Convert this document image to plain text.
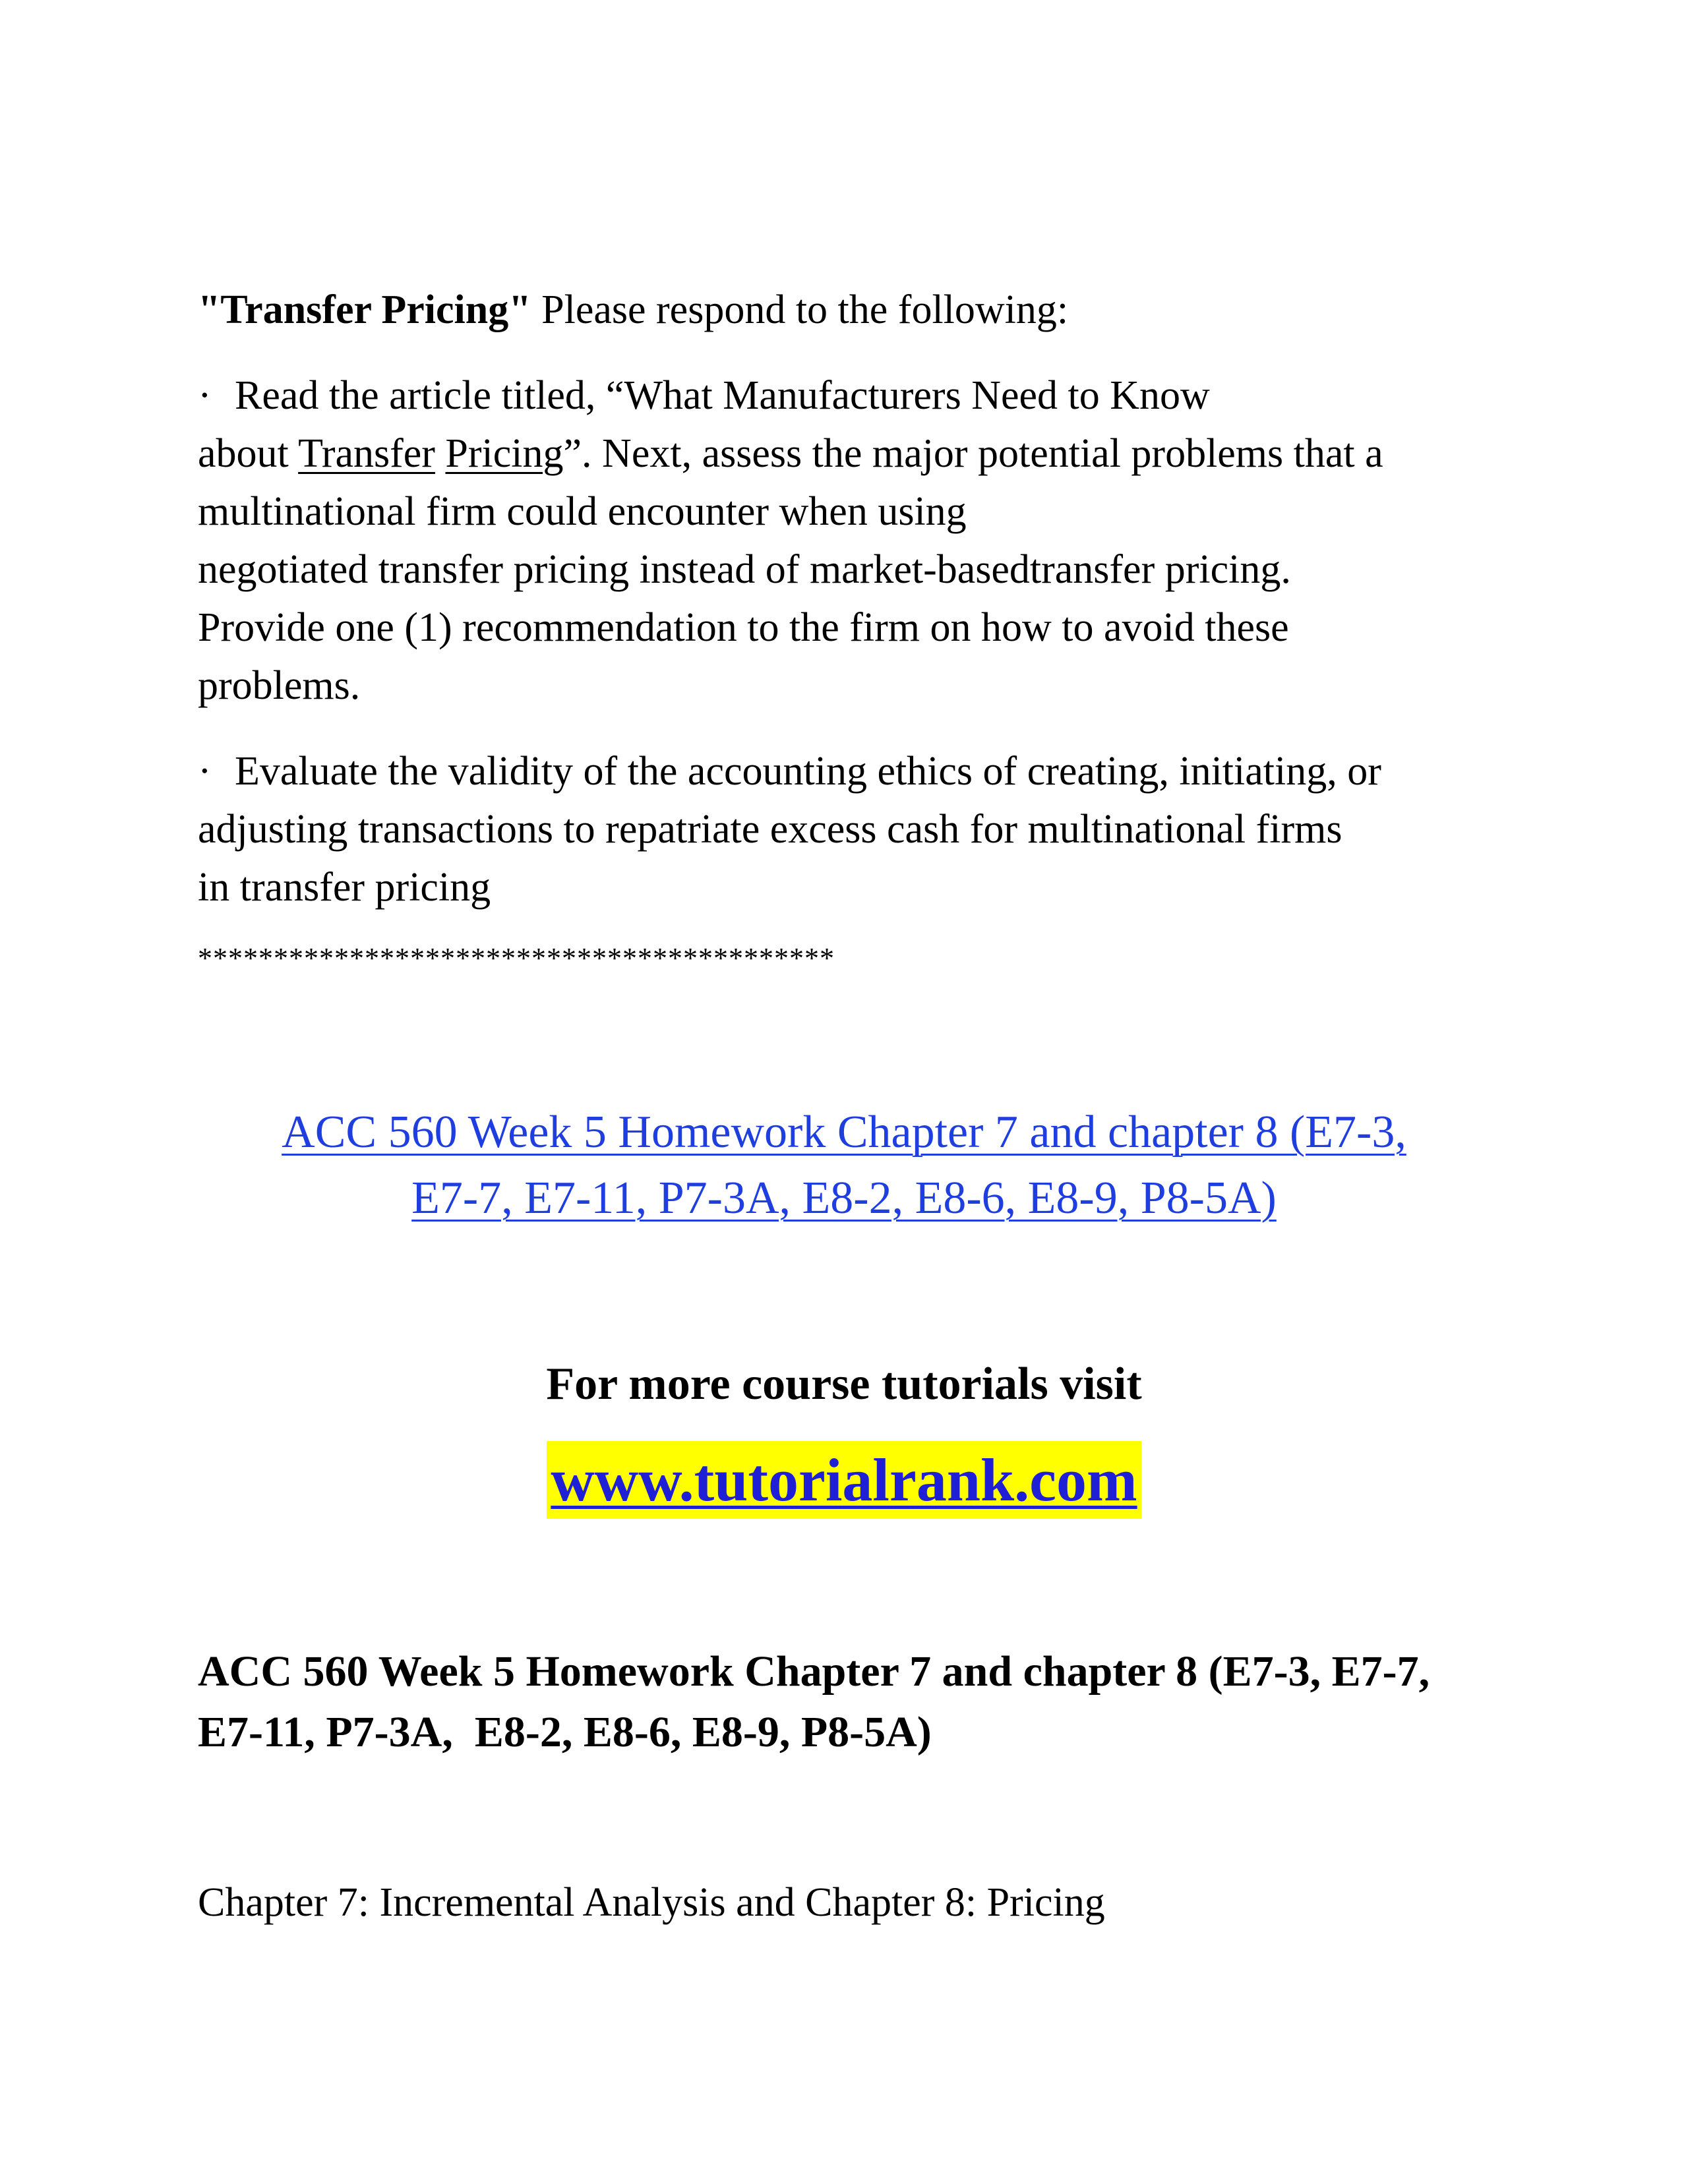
"Transfer Pricing" Please respond to the following:
· Read the article titled, “What Manufacturers Need to Know
about Transfer Pricing”. Next, assess the major potential problems that a
multinational firm could encounter when using
negotiated transfer pricing instead of market-basedtransfer pricing.
Provide one (1) recommendation to the firm on how to avoid these
problems.
· Evaluate the validity of the accounting ethics of creating, initiating, or
adjusting transactions to repatriate excess cash for multinational firms
in transfer pricing
******************************************
ACC 560 Week 5 Homework Chapter 7 and chapter 8 (E7-3,
E7-7, E7-11, P7-3A, E8-2, E8-6, E8-9, P8-5A)
For more course tutorials visit
www.tutorialrank.com
ACC 560 Week 5 Homework Chapter 7 and chapter 8 (E7-3, E7-7,
E7-11, P7-3A,  E8-2, E8-6, E8-9, P8-5A)
Chapter 7: Incremental Analysis and Chapter 8: Pricing
